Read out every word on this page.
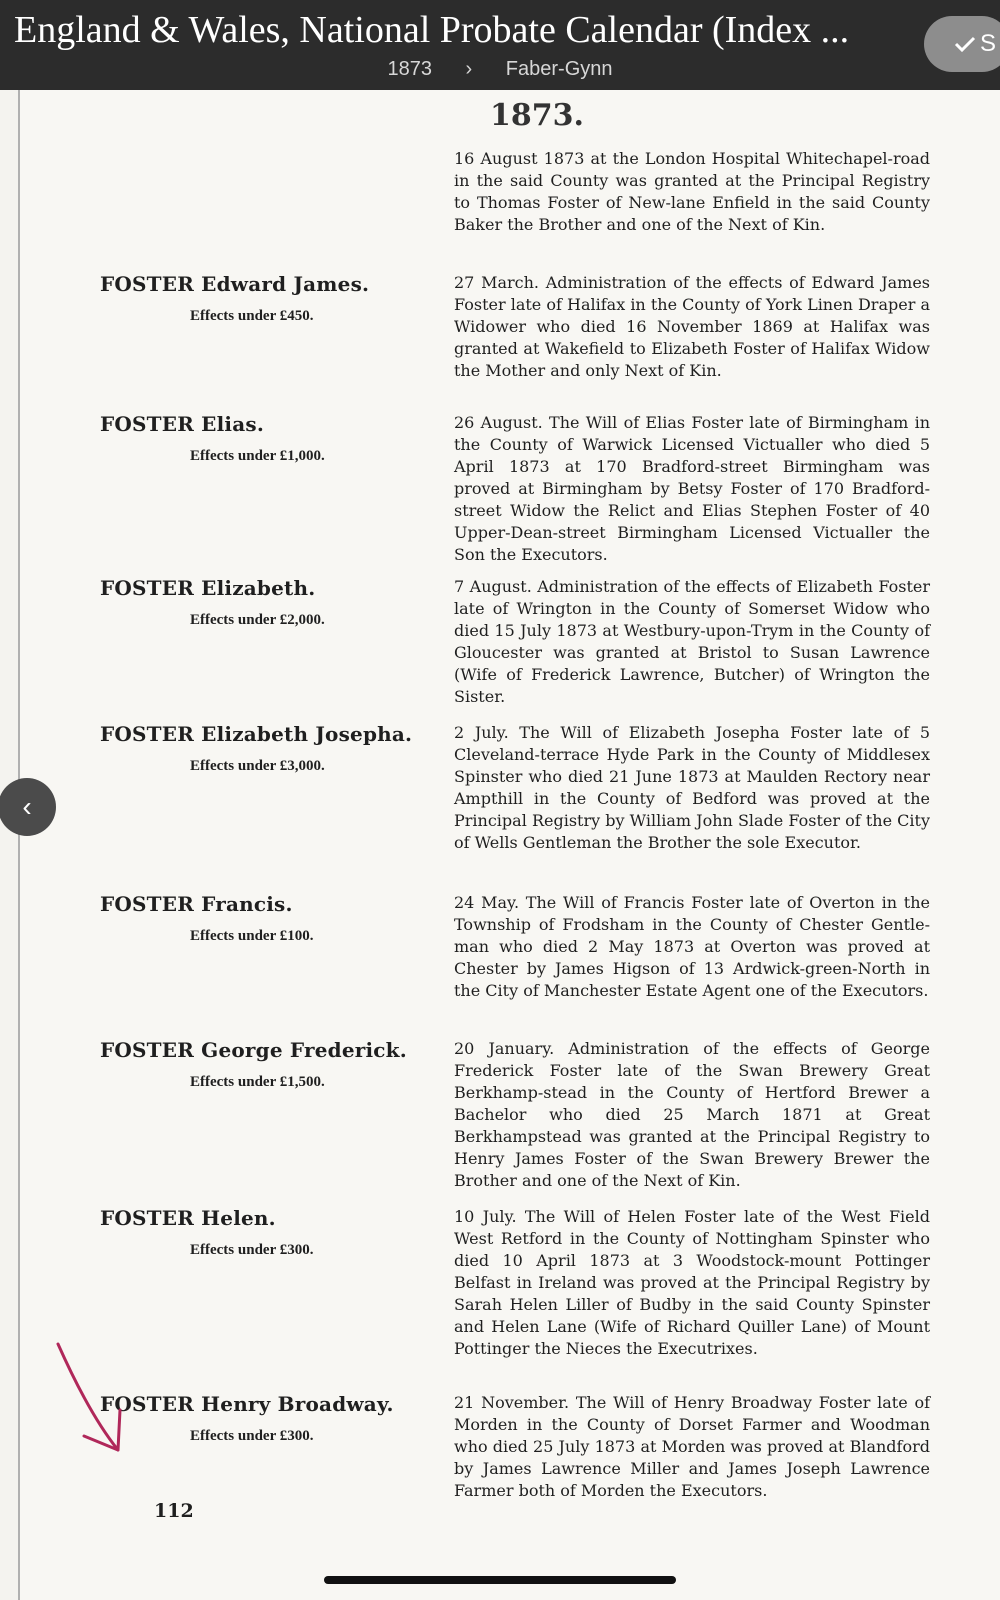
England & Wales, National Probate Calendar (Index ...
1873 › Faber-Gynn
S
1873.
16 August 1873 at the London Hospital Whitechapel-road in the said County was granted at the Principal Registry to Thomas Foster of New-lane Enfield in the said County Baker the Brother and one of the Next of Kin.
FOSTER Edward James.
Effects under £450.
27 March. Administration of the effects of Edward James Foster late of Halifax in the County of York Linen Draper a Widower who died 16 November 1869 at Halifax was granted at Wakefield to Elizabeth Foster of Halifax Widow the Mother and only Next of Kin.
FOSTER Elias.
Effects under £1,000.
26 August. The Will of Elias Foster late of Birmingham in the County of Warwick Licensed Victualler who died 5 April 1873 at 170 Bradford-street Birmingham was proved at Birmingham by Betsy Foster of 170 Bradford-street Widow the Relict and Elias Stephen Foster of 40 Upper-Dean-street Birmingham Licensed Victualler the Son the Executors.
FOSTER Elizabeth.
Effects under £2,000.
7 August. Administration of the effects of Elizabeth Foster late of Wrington in the County of Somerset Widow who died 15 July 1873 at Westbury-upon-Trym in the County of Gloucester was granted at Bristol to Susan Lawrence (Wife of Frederick Lawrence, Butcher) of Wrington the Sister.
FOSTER Elizabeth Josepha.
Effects under £3,000.
2 July. The Will of Elizabeth Josepha Foster late of 5 Cleveland-terrace Hyde Park in the County of Middlesex Spinster who died 21 June 1873 at Maulden Rectory near Ampthill in the County of Bedford was proved at the Principal Registry by William John Slade Foster of the City of Wells Gentleman the Brother the sole Executor.
FOSTER Francis.
Effects under £100.
24 May. The Will of Francis Foster late of Overton in the Township of Frodsham in the County of Chester Gentle-man who died 2 May 1873 at Overton was proved at Chester by James Higson of 13 Ardwick-green-North in the City of Manchester Estate Agent one of the Executors.
FOSTER George Frederick.
Effects under £1,500.
20 January. Administration of the effects of George Frederick Foster late of the Swan Brewery Great Berkhamp-stead in the County of Hertford Brewer a Bachelor who died 25 March 1871 at Great Berkhampstead was granted at the Principal Registry to Henry James Foster of the Swan Brewery Brewer the Brother and one of the Next of Kin.
FOSTER Helen.
Effects under £300.
10 July. The Will of Helen Foster late of the West Field West Retford in the County of Nottingham Spinster who died 10 April 1873 at 3 Woodstock-mount Pottinger Belfast in Ireland was proved at the Principal Registry by Sarah Helen Liller of Budby in the said County Spinster and Helen Lane (Wife of Richard Quiller Lane) of Mount Pottinger the Nieces the Executrixes.
FOSTER Henry Broadway.
Effects under £300.
21 November. The Will of Henry Broadway Foster late of Morden in the County of Dorset Farmer and Woodman who died 25 July 1873 at Morden was proved at Blandford by James Lawrence Miller and James Joseph Lawrence Farmer both of Morden the Executors.
112
‹
